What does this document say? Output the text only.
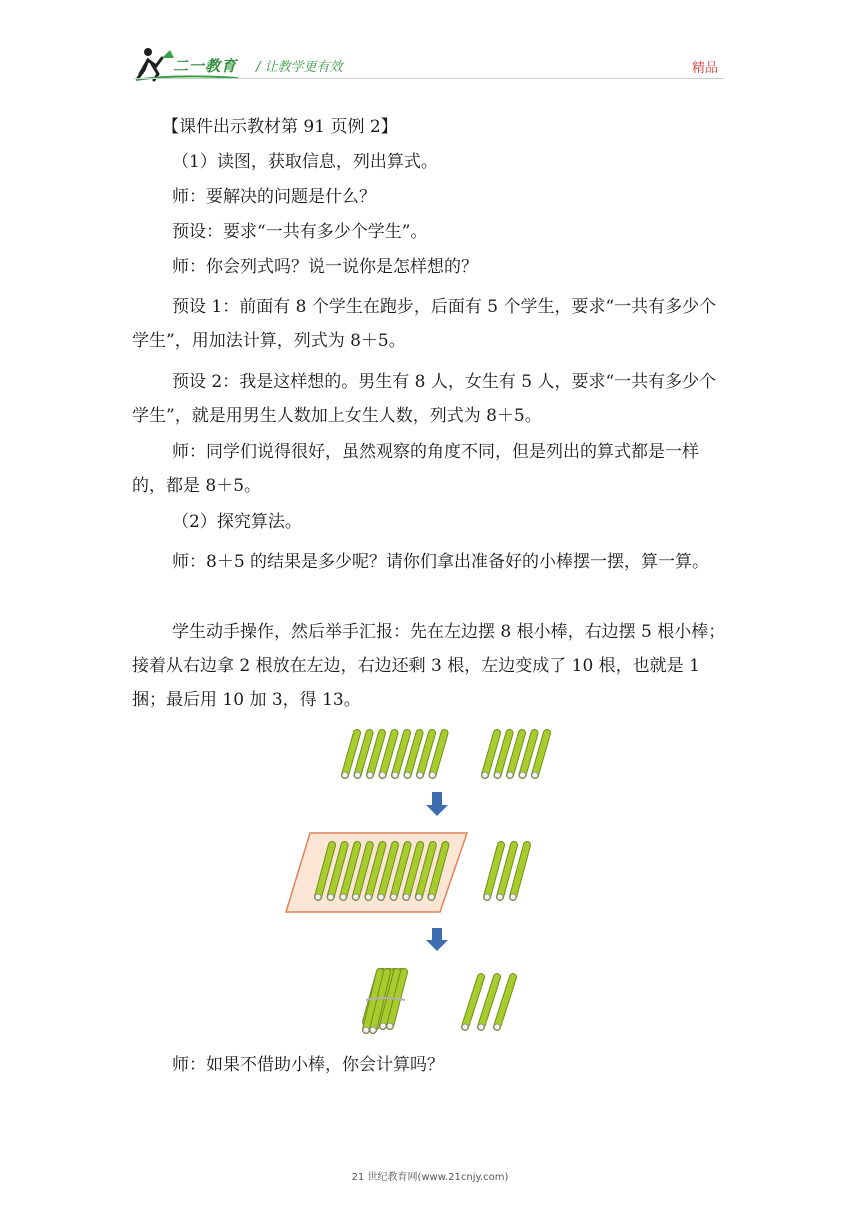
二一教育 / 让教学更有效	精品

【课件出示教材第 91 页例 2】

（1）读图，获取信息，列出算式。

师：要解决的问题是什么？

预设：要求“一共有多少个学生”。

师：你会列式吗？说一说你是怎样想的？

预设 1：前面有 8 个学生在跑步，后面有 5 个学生，要求“一共有多少个学生”，用加法计算，列式为 8＋5。

预设 2：我是这样想的。男生有 8 人，女生有 5 人，要求“一共有多少个学生”，就是用男生人数加上女生人数，列式为 8＋5。

师：同学们说得很好，虽然观察的角度不同，但是列出的算式都是一样的，都是 8＋5。

（2）探究算法。

师：8＋5 的结果是多少呢？请你们拿出准备好的小棒摆一摆，算一算。

学生动手操作，然后举手汇报：先在左边摆 8 根小棒，右边摆 5 根小棒；接着从右边拿 2 根放在左边，右边还剩 3 根，左边变成了 10 根，也就是 1 捆；最后用 10 加 3，得 13。

师：如果不借助小棒，你会计算吗？

21 世纪教育网(www.21cnjy.com)
